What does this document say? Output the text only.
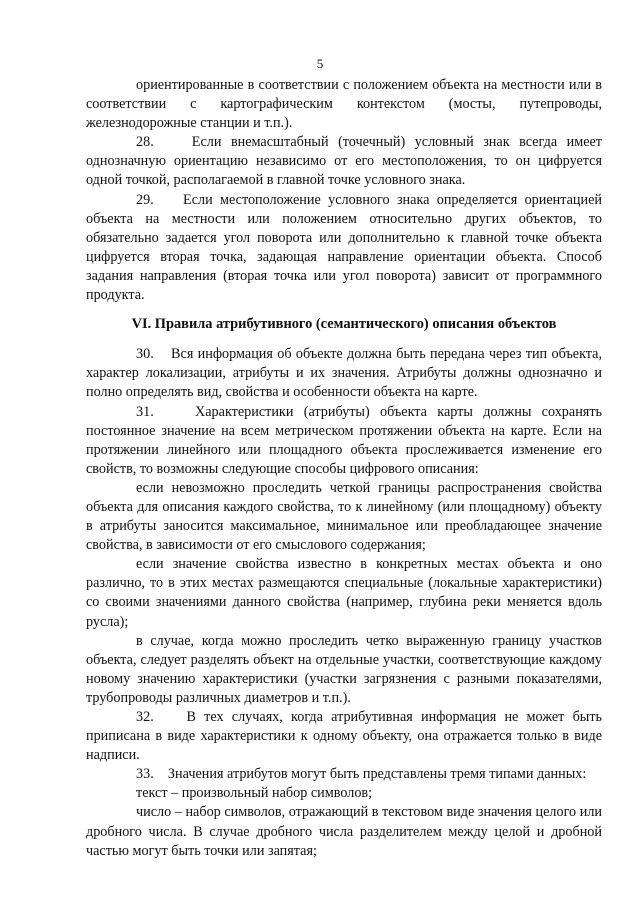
5

ориентированные в соответствии с положением объекта на местности или в соответствии с картографическим контекстом (мосты, путепроводы, железнодорожные станции и т.п.).

28.    Если внемасштабный (точечный) условный знак всегда имеет однозначную ориентацию независимо от его местоположения, то он цифруется одной точкой, располагаемой в главной точке условного знака.

29.    Если местоположение условного знака определяется ориентацией объекта на местности или положением относительно других объектов, то обязательно задается угол поворота или дополнительно к главной точке объекта цифруется вторая точка, задающая направление ориентации объекта. Способ задания направления (вторая точка или угол поворота) зависит от программного продукта.

VI. Правила атрибутивного (семантического) описания объектов

30.    Вся информация об объекте должна быть передана через тип объекта, характер локализации, атрибуты и их значения. Атрибуты должны однозначно и полно определять вид, свойства и особенности объекта на карте.

31.    Характеристики (атрибуты) объекта карты должны сохранять постоянное значение на всем метрическом протяжении объекта на карте. Если на протяжении линейного или площадного объекта прослеживается изменение его свойств, то возможны следующие способы цифрового описания:

если невозможно проследить четкой границы распространения свойства объекта для описания каждого свойства, то к линейному (или площадному) объекту в атрибуты заносится максимальное, минимальное или преобладающее значение свойства, в зависимости от его смыслового содержания;

если значение свойства известно в конкретных местах объекта и оно различно, то в этих местах размещаются специальные (локальные характеристики) со своими значениями данного свойства (например, глубина реки меняется вдоль русла);

в случае, когда можно проследить четко выраженную границу участков объекта, следует разделять объект на отдельные участки, соответствующие каждому новому значению характеристики (участки загрязнения с разными показателями, трубопроводы различных диаметров и т.п.).

32.    В тех случаях, когда атрибутивная информация не может быть приписана в виде характеристики к одному объекту, она отражается только в виде надписи.

33.    Значения атрибутов могут быть представлены тремя типами данных:

текст – произвольный набор символов;

число – набор символов, отражающий в текстовом виде значения целого или дробного числа. В случае дробного числа разделителем между целой и дробной частью могут быть точки или запятая;
